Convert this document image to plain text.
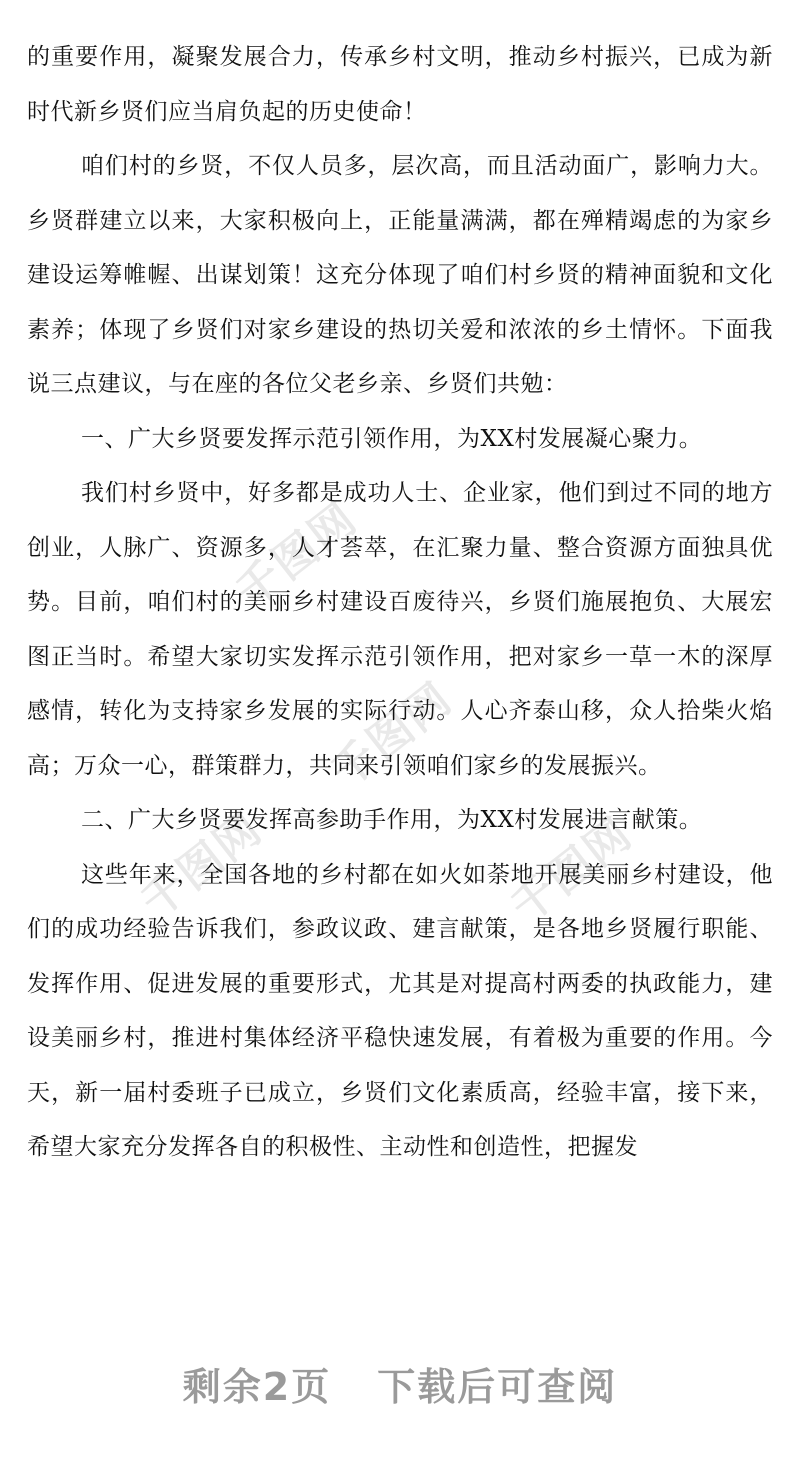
千图网
千图网
千图网	千图网

的重要作用，凝聚发展合力，传承乡村文明，推动乡村振兴，已成为新时代新乡贤们应当肩负起的历史使命！

咱们村的乡贤，不仅人员多，层次高，而且活动面广，影响力大。乡贤群建立以来，大家积极向上，正能量满满，都在殚精竭虑的为家乡建设运筹帷幄、出谋划策！这充分体现了咱们村乡贤的精神面貌和文化素养；体现了乡贤们对家乡建设的热切关爱和浓浓的乡土情怀。下面我说三点建议，与在座的各位父老乡亲、乡贤们共勉：

一、广大乡贤要发挥示范引领作用，为XX村发展凝心聚力。

我们村乡贤中，好多都是成功人士、企业家，他们到过不同的地方创业，人脉广、资源多，人才荟萃，在汇聚力量、整合资源方面独具优势。目前，咱们村的美丽乡村建设百废待兴，乡贤们施展抱负、大展宏图正当时。希望大家切实发挥示范引领作用，把对家乡一草一木的深厚感情，转化为支持家乡发展的实际行动。人心齐泰山移，众人拾柴火焰高；万众一心，群策群力，共同来引领咱们家乡的发展振兴。

二、广大乡贤要发挥高参助手作用，为XX村发展进言献策。

这些年来，全国各地的乡村都在如火如荼地开展美丽乡村建设，他们的成功经验告诉我们，参政议政、建言献策，是各地乡贤履行职能、发挥作用、促进发展的重要形式，尤其是对提高村两委的执政能力，建设美丽乡村，推进村集体经济平稳快速发展，有着极为重要的作用。今天，新一届村委班子已成立，乡贤们文化素质高，经验丰富，接下来，希望大家充分发挥各自的积极性、主动性和创造性，把握发

剩余2页 下载后可查阅
